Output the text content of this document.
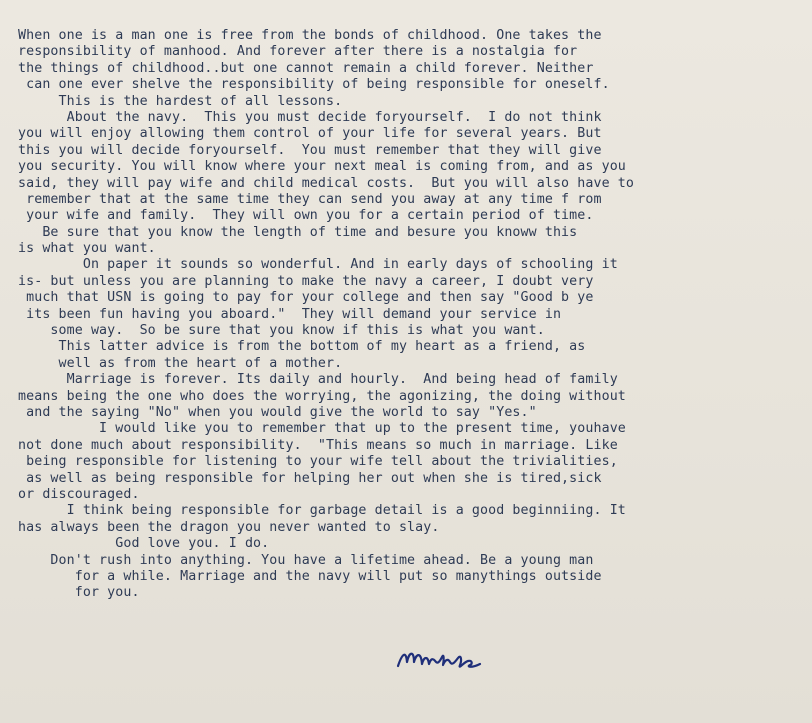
When one is a man one is free from the bonds of childhood. One takes the
responsibility of manhood. And forever after there is a nostalgia for
the things of childhood..but one cannot remain a child forever. Neither
can one ever shelve the responsibility of being responsible for oneself.
This is the hardest of all lessons.
About the navy.  This you must decide foryourself.  I do not think
you will enjoy allowing them control of your life for several years. But
this you will decide foryourself.  You must remember that they will give
you security. You will know where your next meal is coming from, and as you
said, they will pay wife and child medical costs.  But you will also have to
remember that at the same time they can send you away at any time f rom
your wife and family.  They will own you for a certain period of time.
Be sure that you know the length of time and besure you knoww this
is what you want.
On paper it sounds so wonderful. And in early days of schooling it
is- but unless you are planning to make the navy a career, I doubt very
much that USN is going to pay for your college and then say "Good b ye
its been fun having you aboard."  They will demand your service in
some way.  So be sure that you know if this is what you want.
This latter advice is from the bottom of my heart as a friend, as
well as from the heart of a mother.
Marriage is forever. Its daily and hourly.  And being head of family
means being the one who does the worrying, the agonizing, the doing without
and the saying "No" when you would give the world to say "Yes."
I would like you to remember that up to the present time, youhave
not done much about responsibility.  "This means so much in marriage. Like
being responsible for listening to your wife tell about the trivialities,
as well as being responsible for helping her out when she is tired,sick
or discouraged.
I think being responsible for garbage detail is a good beginniing. It
has always been the dragon you never wanted to slay.
God love you. I do.
Don't rush into anything. You have a lifetime ahead. Be a young man
for a while. Marriage and the navy will put so manythings outside
for you.
